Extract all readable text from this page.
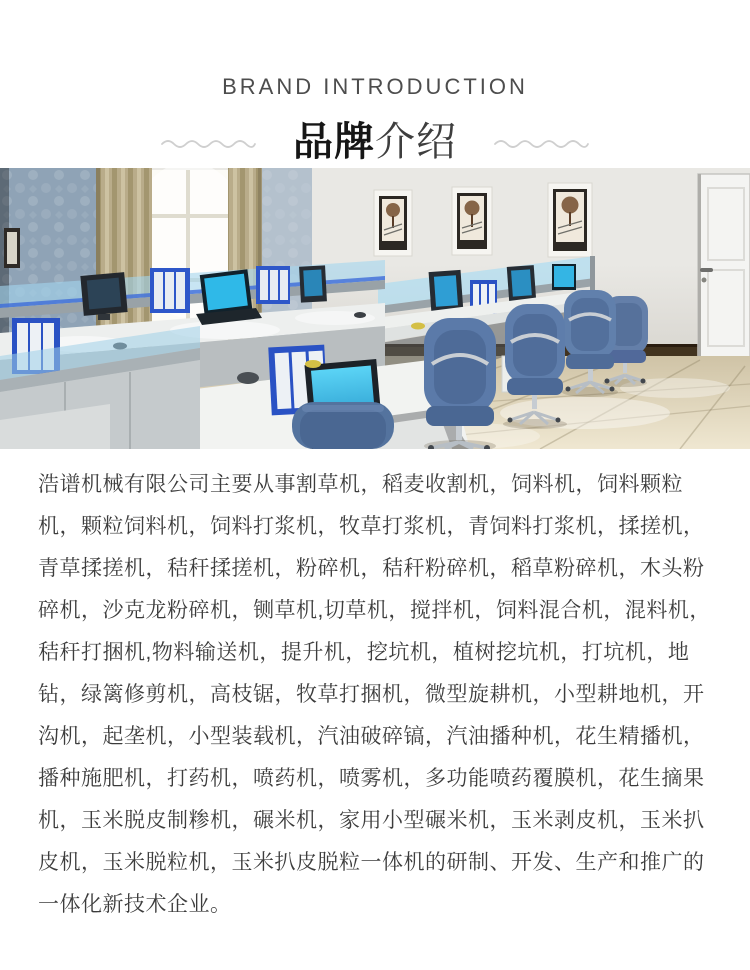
BRAND INTRODUCTION
品牌介绍

浩谱机械有限公司主要从事割草机，稻麦收割机，饲料机，饲料颗粒

机，颗粒饲料机，饲料打浆机，牧草打浆机，青饲料打浆机，揉搓机，

青草揉搓机，秸秆揉搓机，粉碎机，秸秆粉碎机，稻草粉碎机，木头粉

碎机，沙克龙粉碎机，铡草机,切草机，搅拌机，饲料混合机，混料机，

秸秆打捆机,物料输送机，提升机，挖坑机，植树挖坑机，打坑机，地

钻，绿篱修剪机，高枝锯，牧草打捆机，微型旋耕机，小型耕地机，开

沟机，起垄机，小型装载机，汽油破碎镐，汽油播种机，花生精播机，

播种施肥机，打药机，喷药机，喷雾机，多功能喷药覆膜机，花生摘果

机，玉米脱皮制糁机，碾米机，家用小型碾米机，玉米剥皮机，玉米扒

皮机，玉米脱粒机，玉米扒皮脱粒一体机的研制、开发、生产和推广的

一体化新技术企业。
